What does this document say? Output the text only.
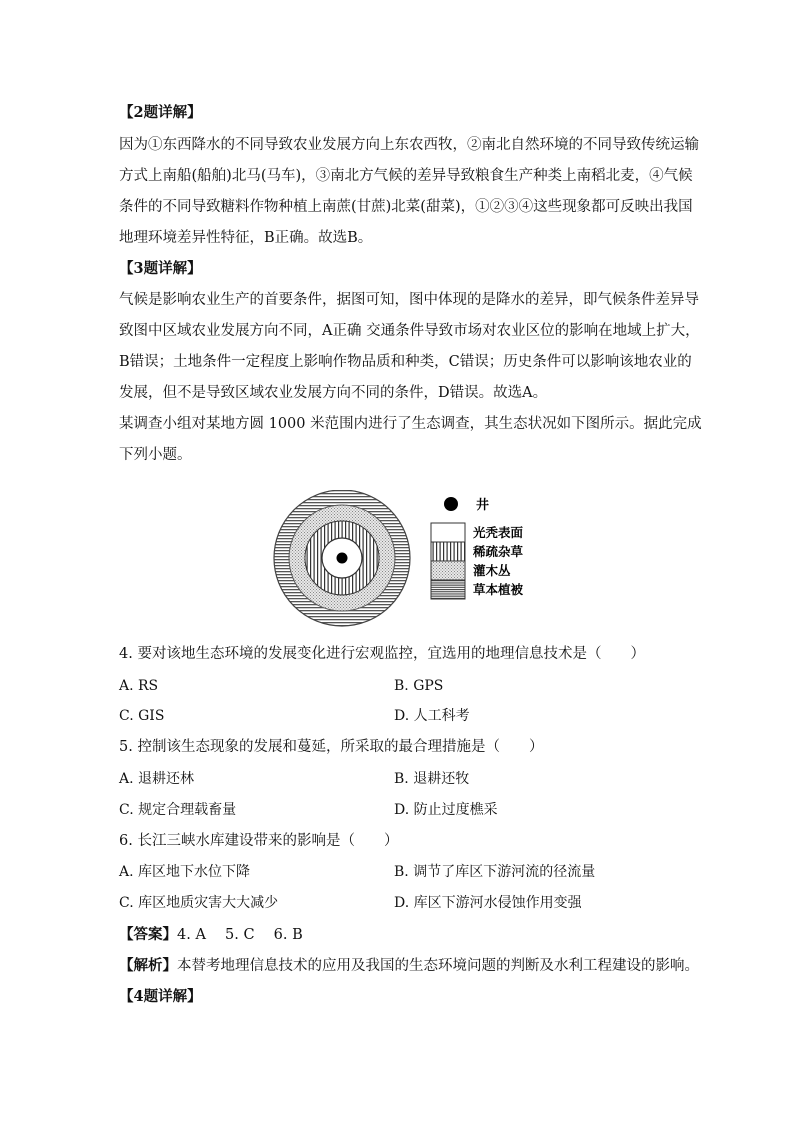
【2题详解】
因为①东西降水的不同导致农业发展方向上东农西牧，②南北自然环境的不同导致传统运输
方式上南船(船舶)北马(马车)，③南北方气候的差异导致粮食生产种类上南稻北麦，④气候
条件的不同导致糖料作物种植上南蔗(甘蔗)北菜(甜菜)，①②③④这些现象都可反映出我国
地理环境差异性特征，B正确。故选B。
【3题详解】
气候是影响农业生产的首要条件，据图可知，图中体现的是降水的差异，即气候条件差异导
致图中区域农业发展方向不同，A正确 交通条件导致市场对农业区位的影响在地域上扩大，
B错误；土地条件一定程度上影响作物品质和种类，C错误；历史条件可以影响该地农业的
发展，但不是导致区域农业发展方向不同的条件，D错误。故选A。
某调查小组对某地方圆 1000 米范围内进行了生态调查，其生态状况如下图所示。据此完成
下列小题。
井
光秃表面
稀疏杂草
灌木丛
草本植被
4. 要对该地生态环境的发展变化进行宏观监控，宜选用的地理信息技术是（　　）
A. RS	B. GPS
C. GIS	D. 人工科考
5. 控制该生态现象的发展和蔓延，所采取的最合理措施是（　　）
A. 退耕还林	B. 退耕还牧
C. 规定合理载畜量	D. 防止过度樵采
6. 长江三峡水库建设带来的影响是（　　）
A. 库区地下水位下降	B. 调节了库区下游河流的径流量
C. 库区地质灾害大大减少	D. 库区下游河水侵蚀作用变强
【答案】4. A　 5. C　 6. B
【解析】本替考地理信息技术的应用及我国的生态环境问题的判断及水利工程建设的影响。
【4题详解】
